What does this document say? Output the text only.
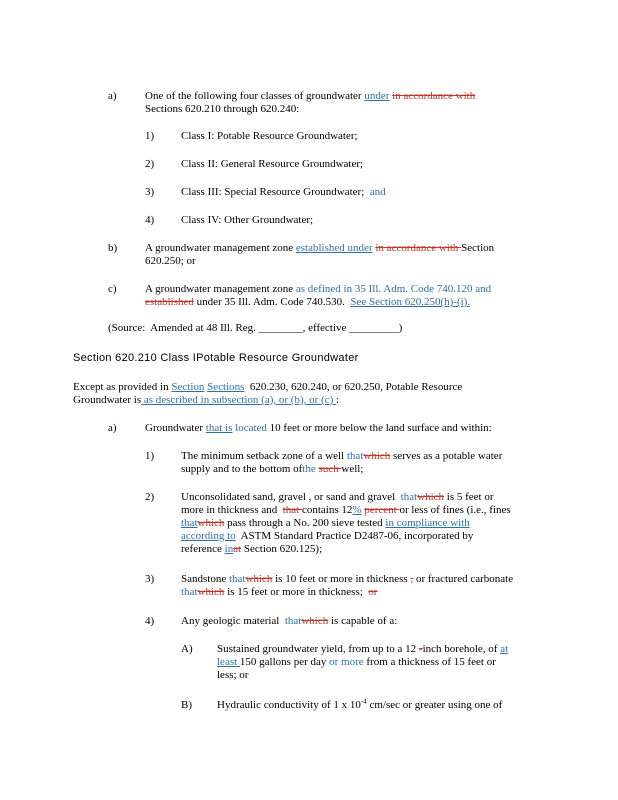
a)	One of the following four classes of groundwater under in accordance with
Sections 620.210 through 620.240:
1) Class I: Potable Resource Groundwater;
2) Class II: General Resource Groundwater;
3) Class III: Special Resource Groundwater;  and
4) Class IV: Other Groundwater;
b)	A groundwater management zone established under in accordance with Section
620.250; or
c)	A groundwater management zone as defined in 35 Ill. Adm. Code 740.120 and
established under 35 Ill. Adm. Code 740.530.  See Section 620.250(h)-(i).
(Source:  Amended at 48 Ill. Reg. ________, effective _________)
Section 620.210 Class IPotable Resource Groundwater
Except as provided in Section Sections  620.230, 620.240, or 620.250, Potable Resource
Groundwater is as described in subsection (a), or (b), or (c) :
a)	Groundwater that is located 10 feet or more below the land surface and within:
1) The minimum setback zone of a well thatwhich serves as a potable water
supply and to the bottom ofthe such well;
2) Unconsolidated sand, gravel , or sand and gravel  thatwhich is 5 feet or
more in thickness and  that contains 12% percent or less of fines (i.e., fines
thatwhich pass through a No. 200 sieve tested in compliance with
according to  ASTM Standard Practice D2487-06, incorporated by
reference inat Section 620.125);
3) Sandstone thatwhich is 10 feet or more in thickness , or fractured carbonate
thatwhich is 15 feet or more in thickness;  or
4) Any geologic material  thatwhich is capable of a:
A) Sustained groundwater yield, from up to a 12 -inch borehole, of at
least 150 gallons per day or more from a thickness of 15 feet or
less; or
B) Hydraulic conductivity of 1 x $10^{-4}$ cm/sec or greater using one of
